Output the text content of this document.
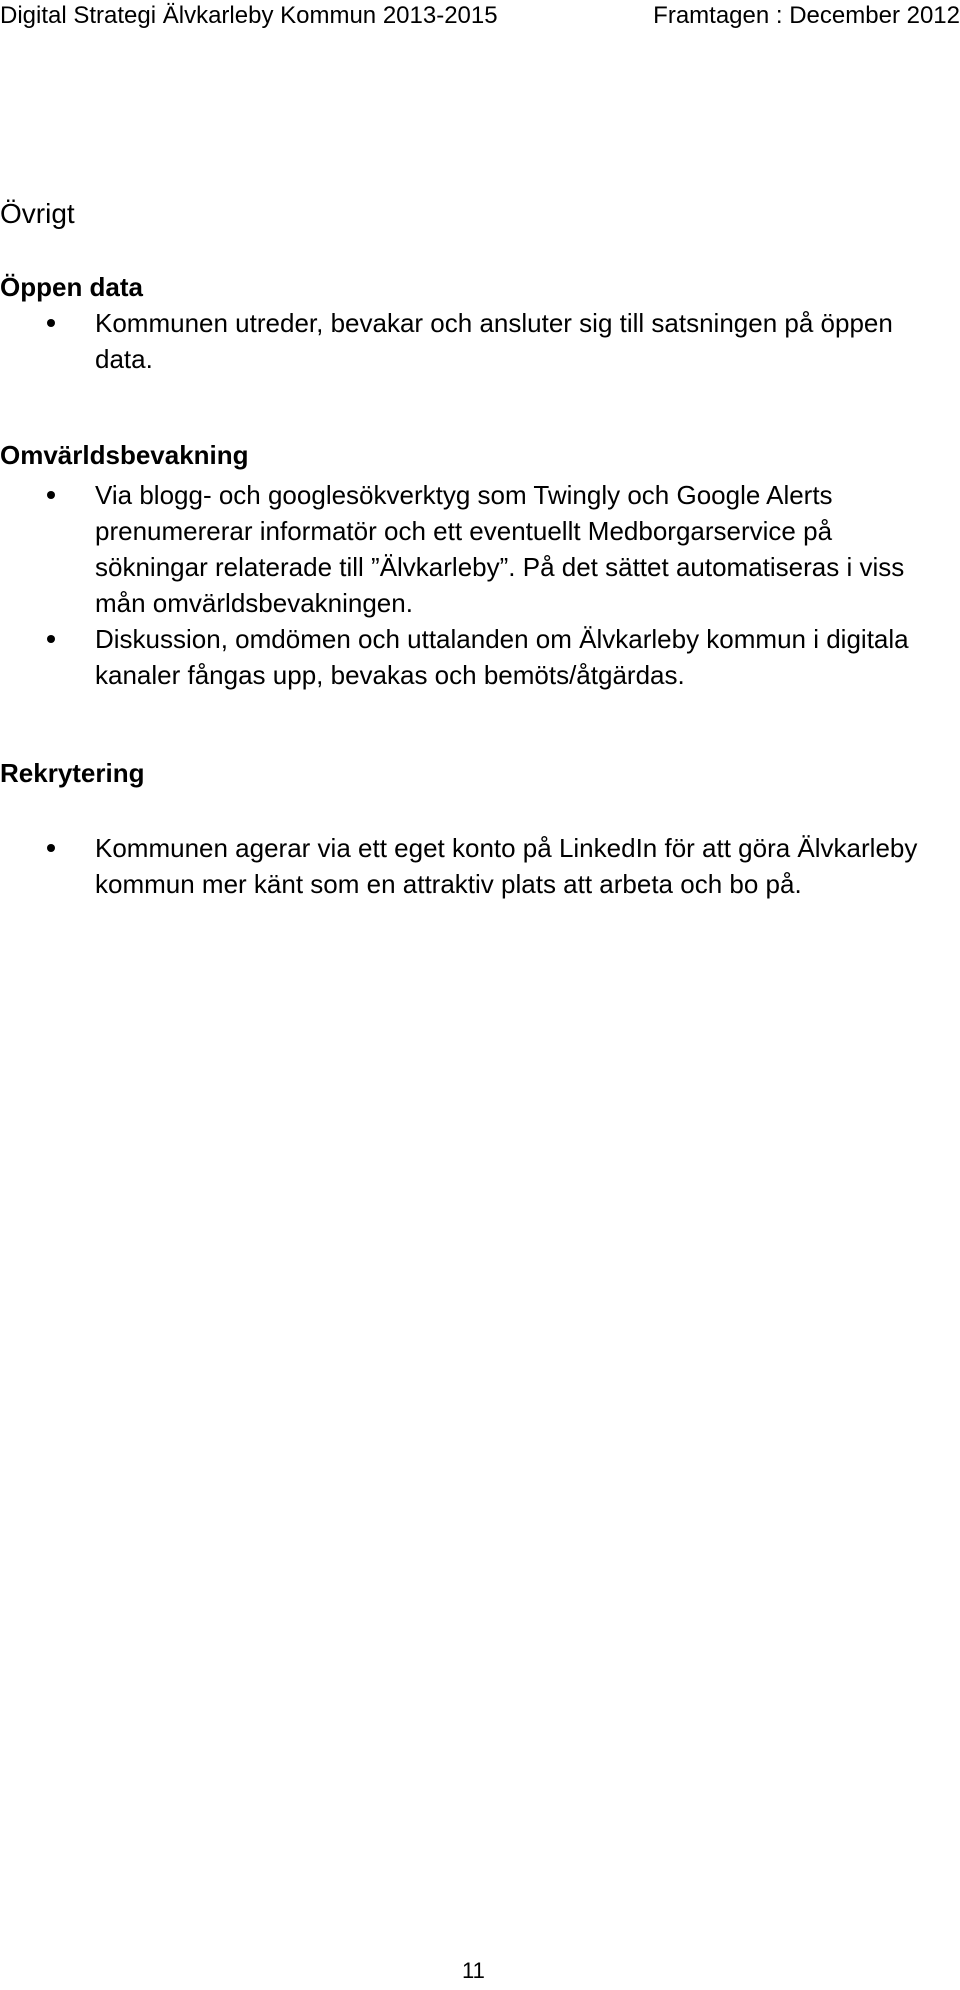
Digital Strategi Älvkarleby Kommun 2013-2015	Framtagen : December 2012
Övrigt
Öppen data
Kommunen utreder, bevakar och ansluter sig till satsningen på öppen data.
Omvärldsbevakning
Via blogg- och googlesökverktyg som Twingly och Google Alerts prenumererar informatör och ett eventuellt Medborgarservice på sökningar relaterade till ”Älvkarleby”. På det sättet automatiseras i viss mån omvärldsbevakningen.
Diskussion, omdömen och uttalanden om Älvkarleby kommun i digitala kanaler fångas upp, bevakas och bemöts/åtgärdas.
Rekrytering
Kommunen agerar via ett eget konto på LinkedIn för att göra Älvkarleby kommun mer känt som en attraktiv plats att arbeta och bo på.
11
